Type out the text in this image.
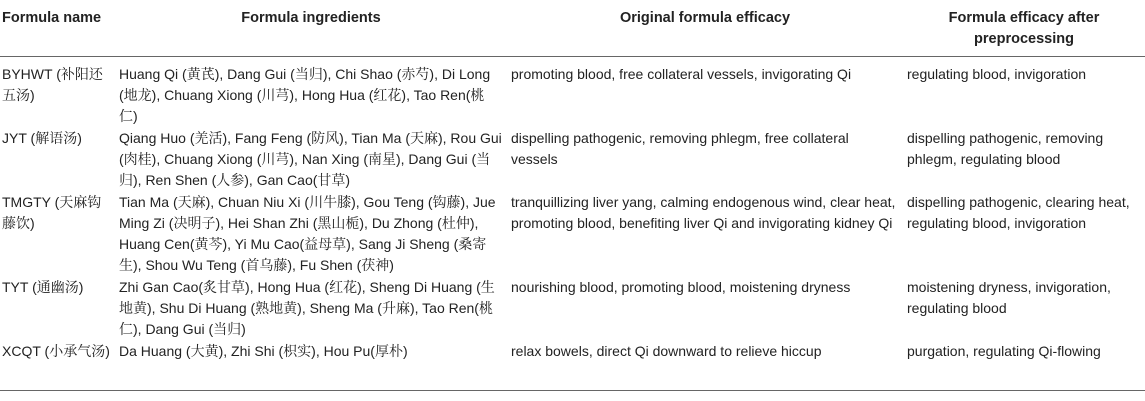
Formula name	Formula ingredients	Original formula efficacy	Formula efficacy after preprocessing
BYHWT (补阳还五汤)	Huang Qi (黄芪), Dang Gui (当归), Chi Shao (赤芍), Di Long (地龙), Chuang Xiong (川芎), Hong Hua (红花), Tao Ren(桃仁)	promoting blood, free collateral vessels, invigorating Qi	regulating blood, invigoration
JYT (解语汤)	Qiang Huo (羌活), Fang Feng (防风), Tian Ma (天麻), Rou Gui (肉桂), Chuang Xiong (川芎), Nan Xing (南星), Dang Gui (当归), Ren Shen (人参), Gan Cao(甘草)	dispelling pathogenic, removing phlegm, free collateral vessels	dispelling pathogenic, removing phlegm, regulating blood
TMGTY (天麻钩藤饮)	Tian Ma (天麻), Chuan Niu Xi (川牛膝), Gou Teng (钩藤), Jue Ming Zi (决明子), Hei Shan Zhi (黑山栀), Du Zhong (杜仲), Huang Cen(黄芩), Yi Mu Cao(益母草), Sang Ji Sheng (桑寄生), Shou Wu Teng (首乌藤), Fu Shen (茯神)	tranquillizing liver yang, calming endogenous wind, clear heat, promoting blood, benefiting liver Qi and invigorating kidney Qi	dispelling pathogenic, clearing heat, regulating blood, invigoration
TYT (通幽汤)	Zhi Gan Cao(炙甘草), Hong Hua (红花), Sheng Di Huang (生地黄), Shu Di Huang (熟地黄), Sheng Ma (升麻), Tao Ren(桃仁), Dang Gui (当归)	nourishing blood, promoting blood, moistening dryness	moistening dryness, invigoration, regulating blood
XCQT (小承气汤)	Da Huang (大黄), Zhi Shi (枳实), Hou Pu(厚朴)	relax bowels, direct Qi downward to relieve hiccup	purgation, regulating Qi-flowing
